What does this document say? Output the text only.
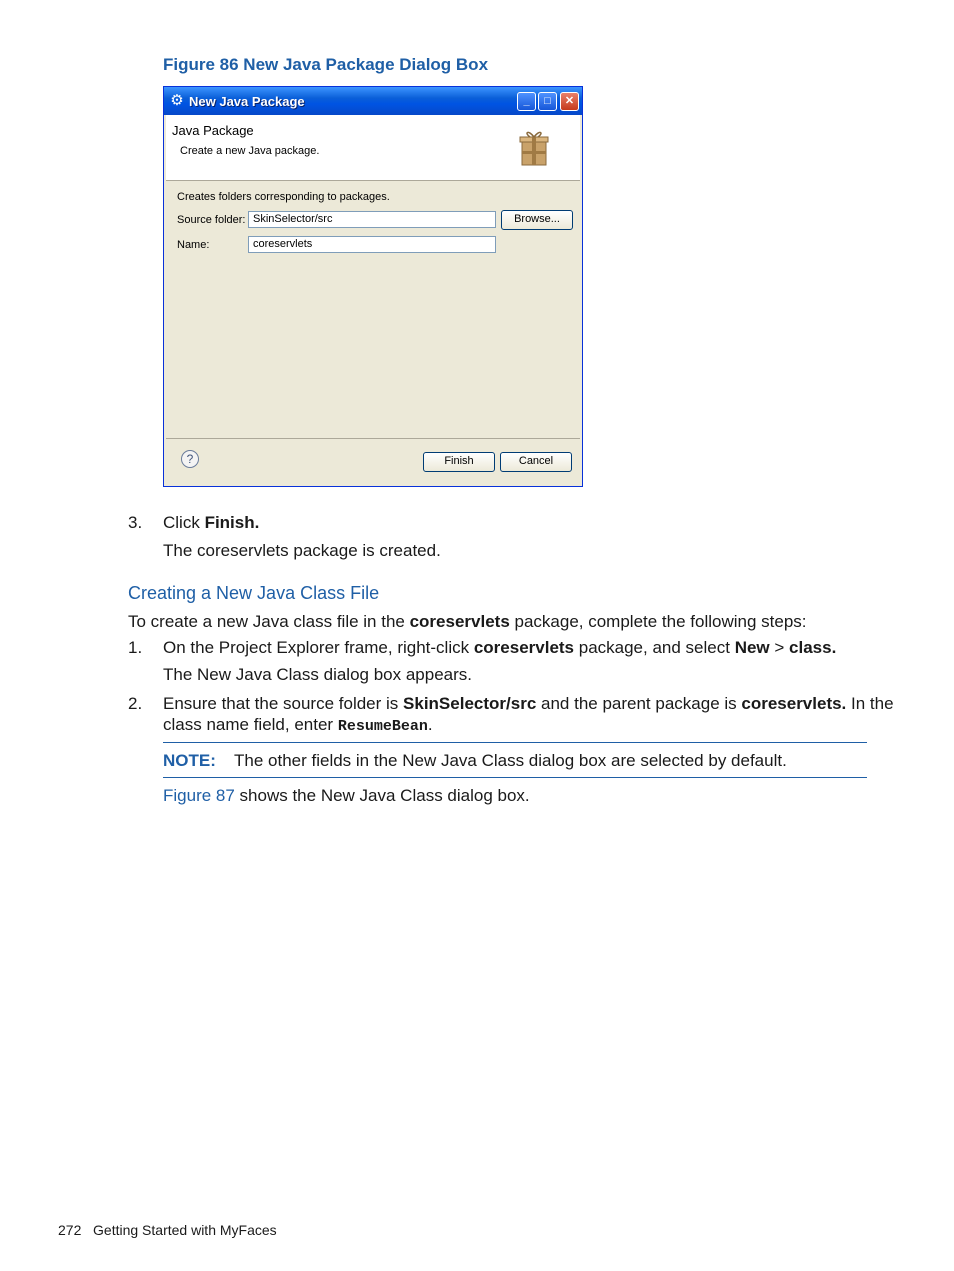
Figure 86 New Java Package Dialog Box
⚙ New Java Package	_	□	✕
Java Package
Create a new Java package.
Creates folders corresponding to packages.
Source folder: SkinSelector/src	Browse...
Name:	coreservlets
?	Finish	Cancel
3. Click Finish.
The coreservlets package is created.
Creating a New Java Class File
To create a new Java class file in the coreservlets package, complete the following steps:
1. On the Project Explorer frame, right-click coreservlets package, and select New > class.
The New Java Class dialog box appears.
2. Ensure that the source folder is SkinSelector/src and the parent package is coreservlets. In the
class name field, enter ResumeBean.
NOTE: The other fields in the New Java Class dialog box are selected by default.
Figure 87 shows the New Java Class dialog box.
272 Getting Started with MyFaces
